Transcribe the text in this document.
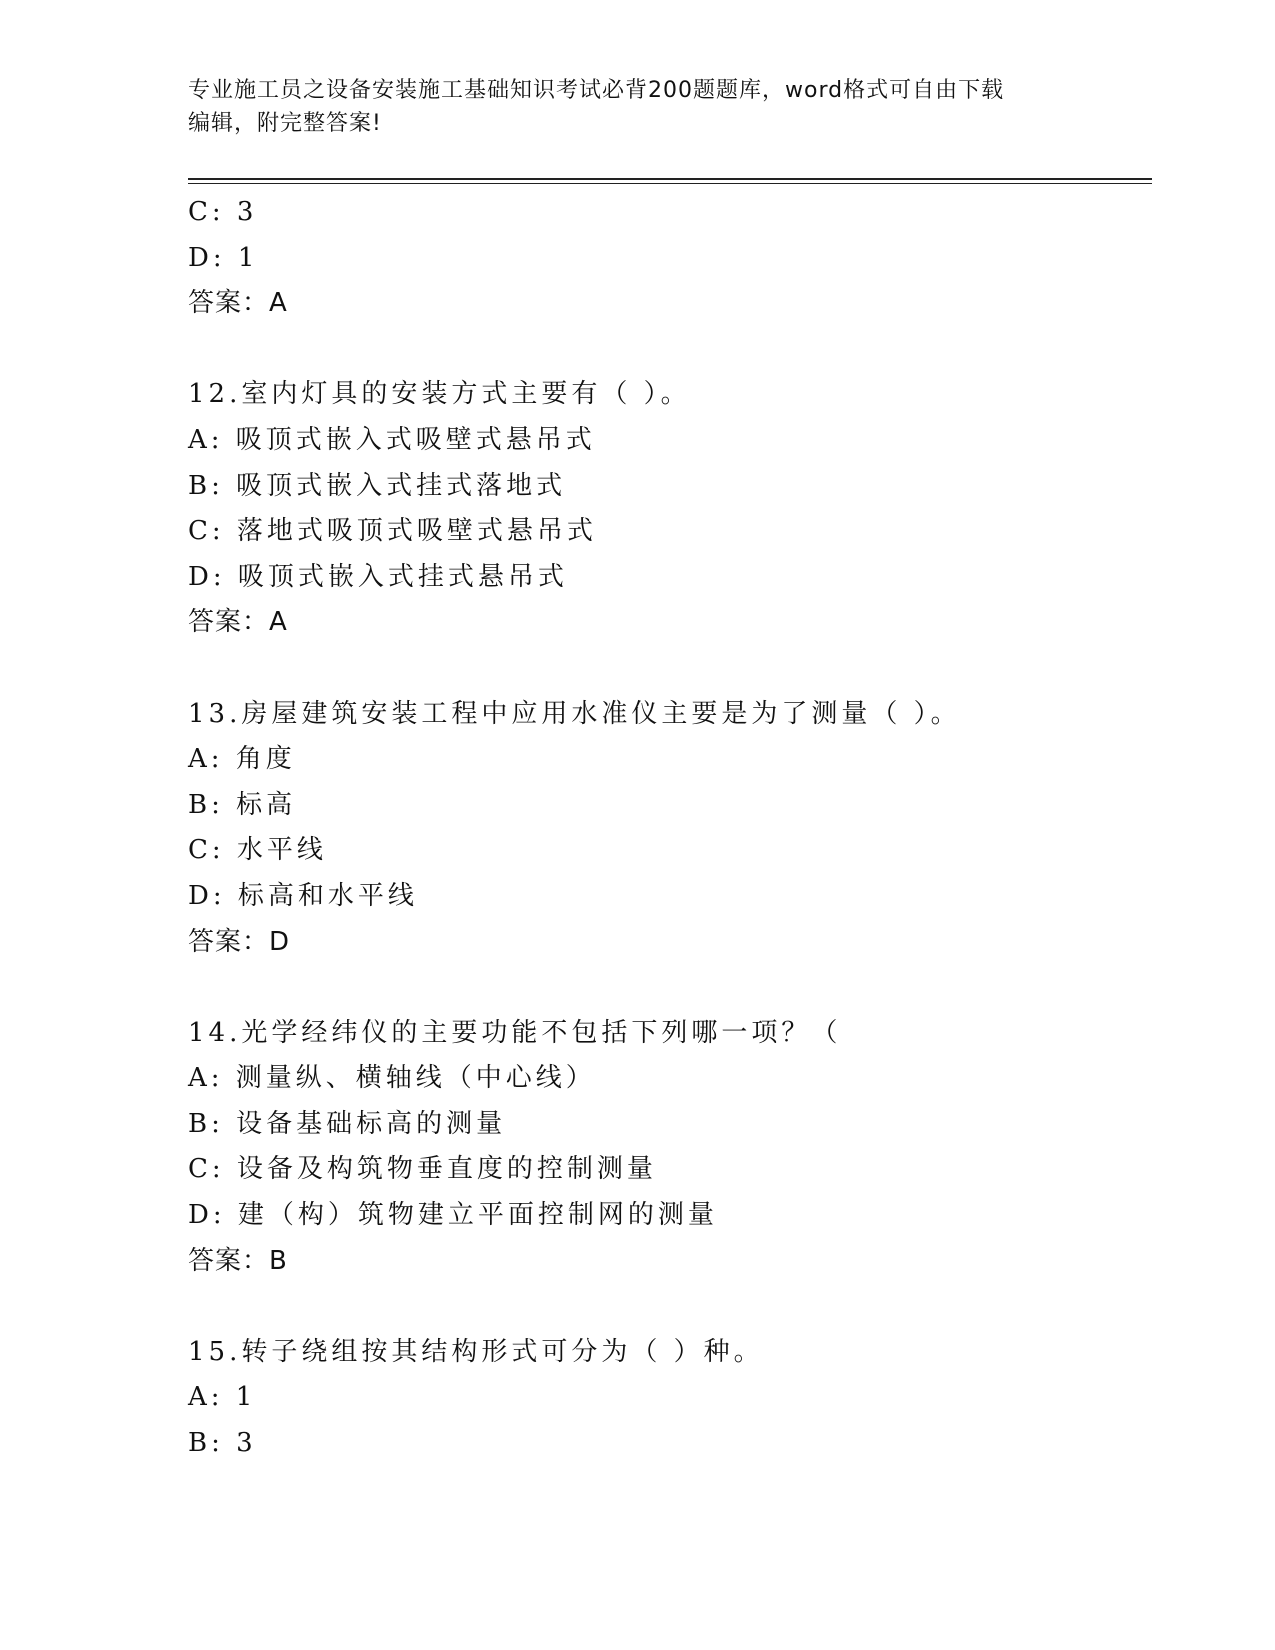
专业施工员之设备安装施工基础知识考试必背200题题库，word格式可自由下载
编辑，附完整答案!
C: 3
D: 1
答案：A
12.室内灯具的安装方式主要有（ ）。
A: 吸顶式嵌入式吸壁式悬吊式
B: 吸顶式嵌入式挂式落地式
C: 落地式吸顶式吸壁式悬吊式
D: 吸顶式嵌入式挂式悬吊式
答案：A
13.房屋建筑安装工程中应用水准仪主要是为了测量（ ）。
A: 角度
B: 标高
C: 水平线
D: 标高和水平线
答案：D
14.光学经纬仪的主要功能不包括下列哪一项？（
A: 测量纵、横轴线（中心线）
B: 设备基础标高的测量
C: 设备及构筑物垂直度的控制测量
D: 建（构）筑物建立平面控制网的测量
答案：B
15.转子绕组按其结构形式可分为（ ）种。
A: 1
B: 3
